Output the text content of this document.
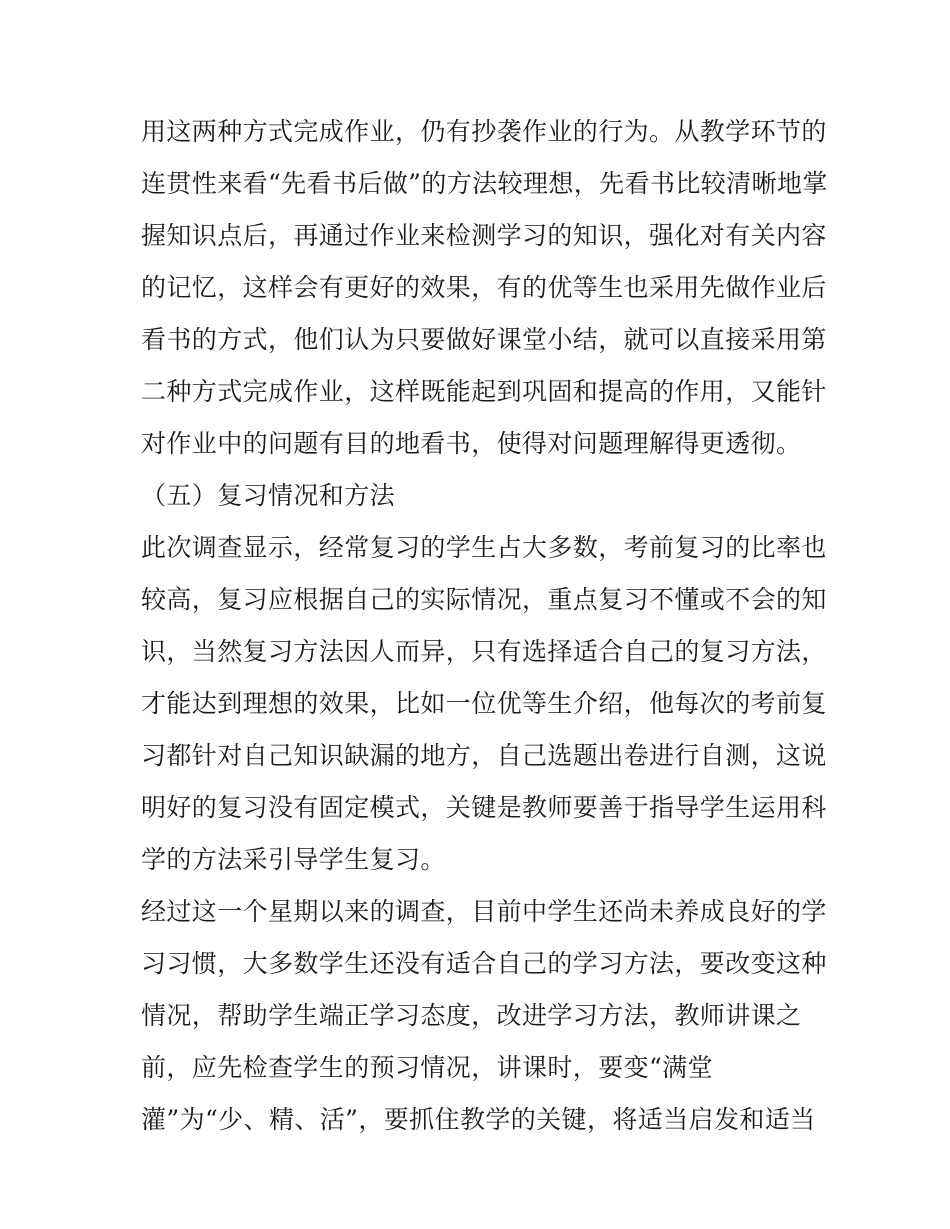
用这两种方式完成作业，仍有抄袭作业的行为。从教学环节的
连贯性来看“先看书后做”的方法较理想，先看书比较清晰地掌
握知识点后，再通过作业来检测学习的知识，强化对有关内容
的记忆，这样会有更好的效果，有的优等生也采用先做作业后
看书的方式，他们认为只要做好课堂小结，就可以直接采用第
二种方式完成作业，这样既能起到巩固和提高的作用，又能针
对作业中的问题有目的地看书，使得对问题理解得更透彻。
（五）复习情况和方法
此次调查显示，经常复习的学生占大多数，考前复习的比率也
较高，复习应根据自己的实际情况，重点复习不懂或不会的知
识，当然复习方法因人而异，只有选择适合自己的复习方法，
才能达到理想的效果，比如一位优等生介绍，他每次的考前复
习都针对自己知识缺漏的地方，自己选题出卷进行自测，这说
明好的复习没有固定模式，关键是教师要善于指导学生运用科
学的方法采引导学生复习。
经过这一个星期以来的调查，目前中学生还尚未养成良好的学
习习惯，大多数学生还没有适合自己的学习方法，要改变这种
情况，帮助学生端正学习态度，改进学习方法，教师讲课之
前，应先检查学生的预习情况，讲课时，要变“满堂
灌”为“少、精、活”，要抓住教学的关键，将适当启发和适当
